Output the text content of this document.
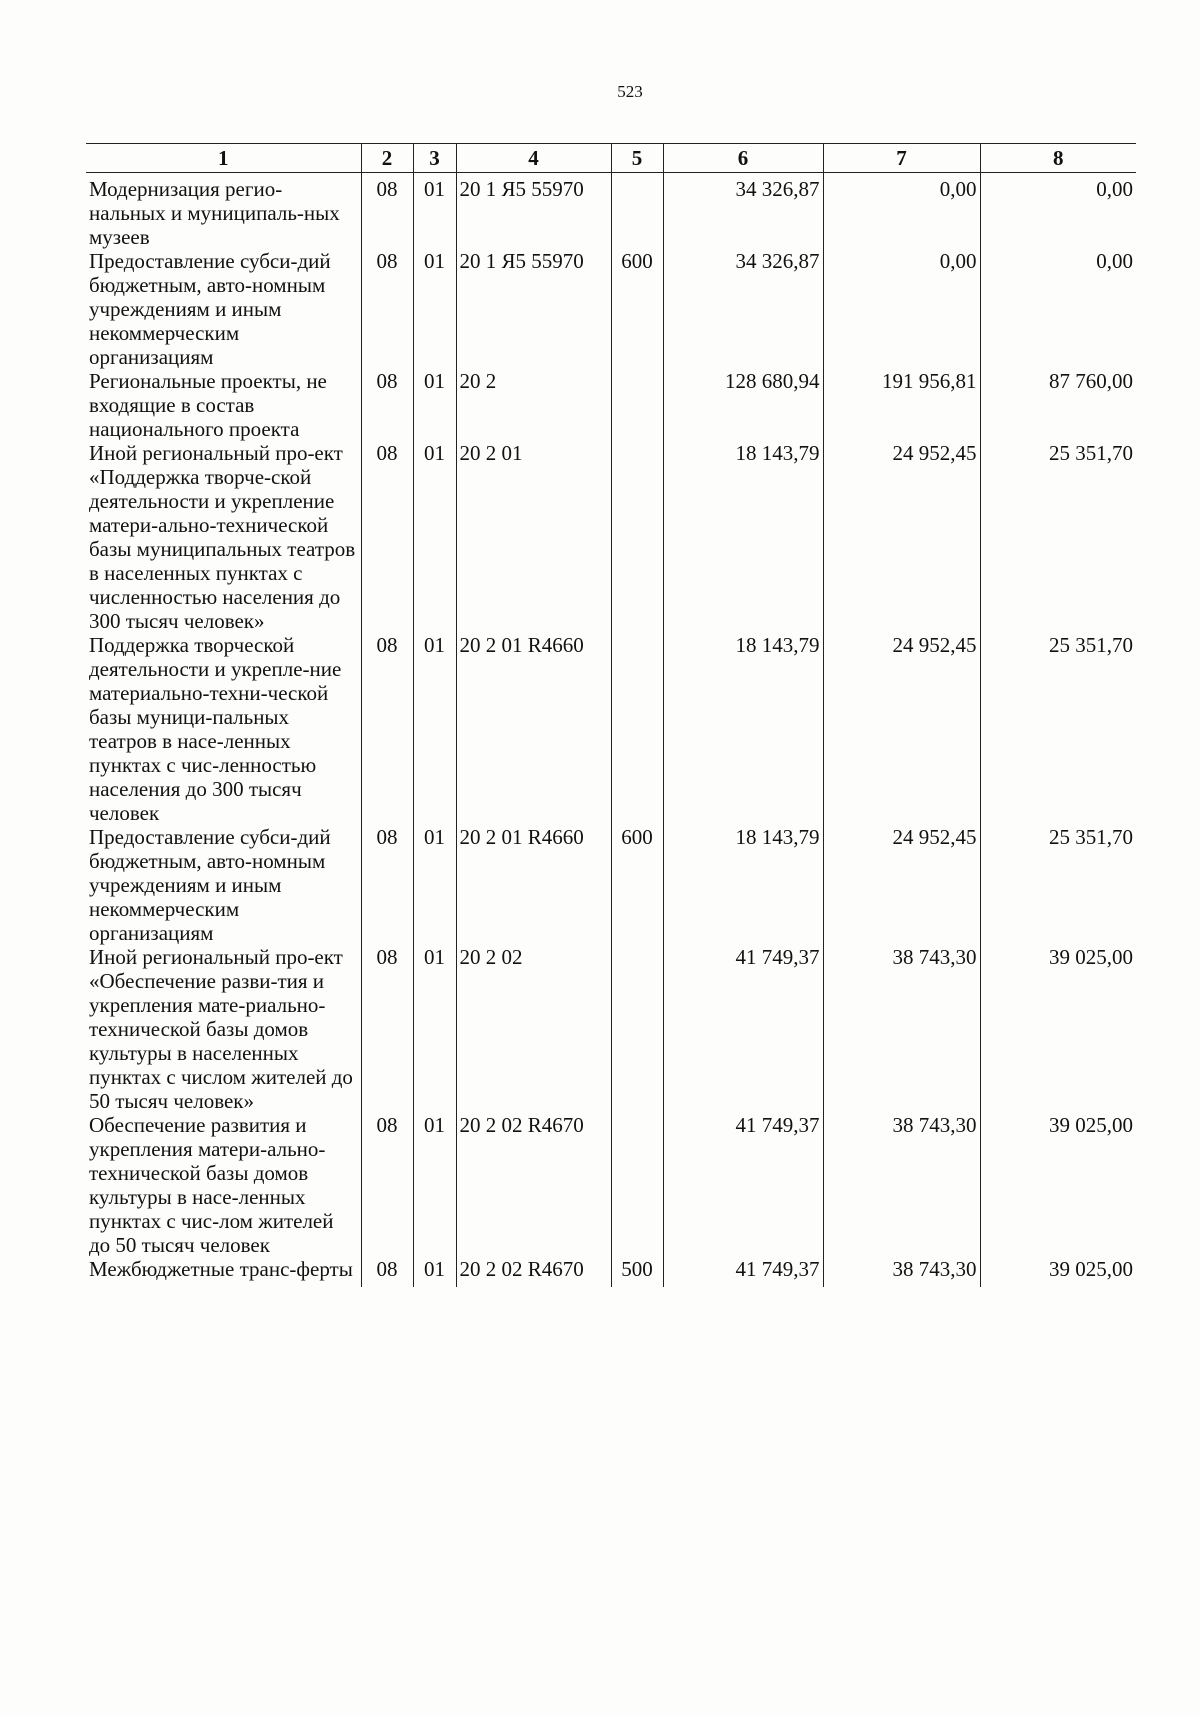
523
1	2	3	4	5	6	7	8
Модернизация регио-нальных и муниципаль-ных музеев	08	01	20 1 Я5 55970		34 326,87	0,00	0,00
Предоставление субси-дий бюджетным, авто-номным учреждениям и иным некоммерческим организациям	08	01	20 1 Я5 55970	600	34 326,87	0,00	0,00
Региональные проекты, не входящие в состав национального проекта	08	01	20 2		128 680,94	191 956,81	87 760,00
Иной региональный про-ект «Поддержка творче-ской деятельности и укрепление матери-ально-технической базы муниципальных театров в населенных пунктах с численностью населения до 300 тысяч человек»	08	01	20 2 01		18 143,79	24 952,45	25 351,70
Поддержка творческой деятельности и укрепле-ние материально-техни-ческой базы муници-пальных театров в насе-ленных пунктах с чис-ленностью населения до 300 тысяч человек	08	01	20 2 01 R4660		18 143,79	24 952,45	25 351,70
Предоставление субси-дий бюджетным, авто-номным учреждениям и иным некоммерческим организациям	08	01	20 2 01 R4660	600	18 143,79	24 952,45	25 351,70
Иной региональный про-ект «Обеспечение разви-тия и укрепления мате-риально-технической базы домов культуры в населенных пунктах с числом жителей до 50 тысяч человек»	08	01	20 2 02		41 749,37	38 743,30	39 025,00
Обеспечение развития и укрепления матери-ально-технической базы домов культуры в насе-ленных пунктах с чис-лом жителей до 50 тысяч человек	08	01	20 2 02 R4670		41 749,37	38 743,30	39 025,00
Межбюджетные транс-ферты	08	01	20 2 02 R4670	500	41 749,37	38 743,30	39 025,00
